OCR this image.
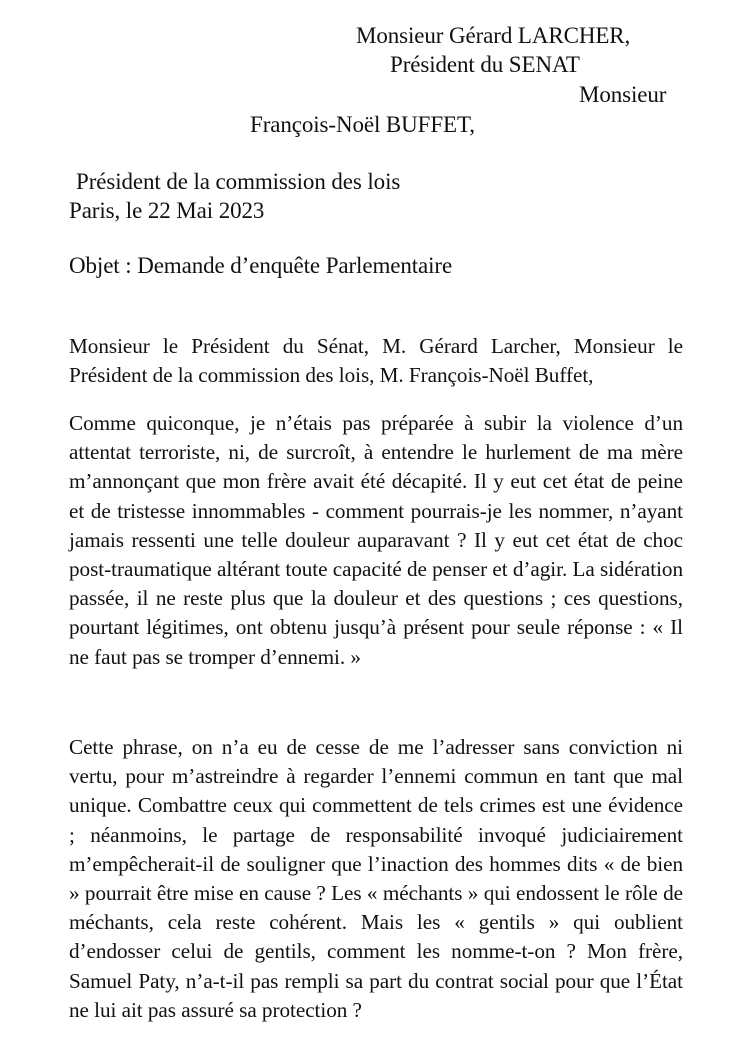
Monsieur Gérard LARCHER,
Président du SENAT
Monsieur
François-Noël BUFFET,
Président de la commission des lois
Paris, le 22 Mai 2023
Objet : Demande d’enquête Parlementaire

Monsieur le Président du Sénat, M. Gérard Larcher, Monsieur le Président de la commission des lois, M. François-Noël Buffet,

Comme quiconque, je n’étais pas préparée à subir la violence d’un attentat terroriste, ni, de surcroît, à entendre le hurlement de ma mère m’annonçant que mon frère avait été décapité. Il y eut cet état de peine et de tristesse innommables - comment pourrais-je les nommer, n’ayant jamais ressenti une telle douleur auparavant ? Il y eut cet état de choc post-traumatique altérant toute capacité de penser et d’agir. La sidération passée, il ne reste plus que la douleur et des questions ; ces questions, pourtant légitimes, ont obtenu jusqu’à présent pour seule réponse : « Il ne faut pas se tromper d’ennemi. »

Cette phrase, on n’a eu de cesse de me l’adresser sans conviction ni vertu, pour m’astreindre à regarder l’ennemi commun en tant que mal unique. Combattre ceux qui commettent de tels crimes est une évidence ; néanmoins, le partage de responsabilité invoqué judiciairement m’empêcherait-il de souligner que l’inaction des hommes dits « de bien » pourrait être mise en cause ? Les « méchants » qui endossent le rôle de méchants, cela reste cohérent. Mais les « gentils » qui oublient d’endosser celui de gentils, comment les nomme-t-on ? Mon frère, Samuel Paty, n’a-t-il pas rempli sa part du contrat social pour que l’État ne lui ait pas assuré sa protection ?
